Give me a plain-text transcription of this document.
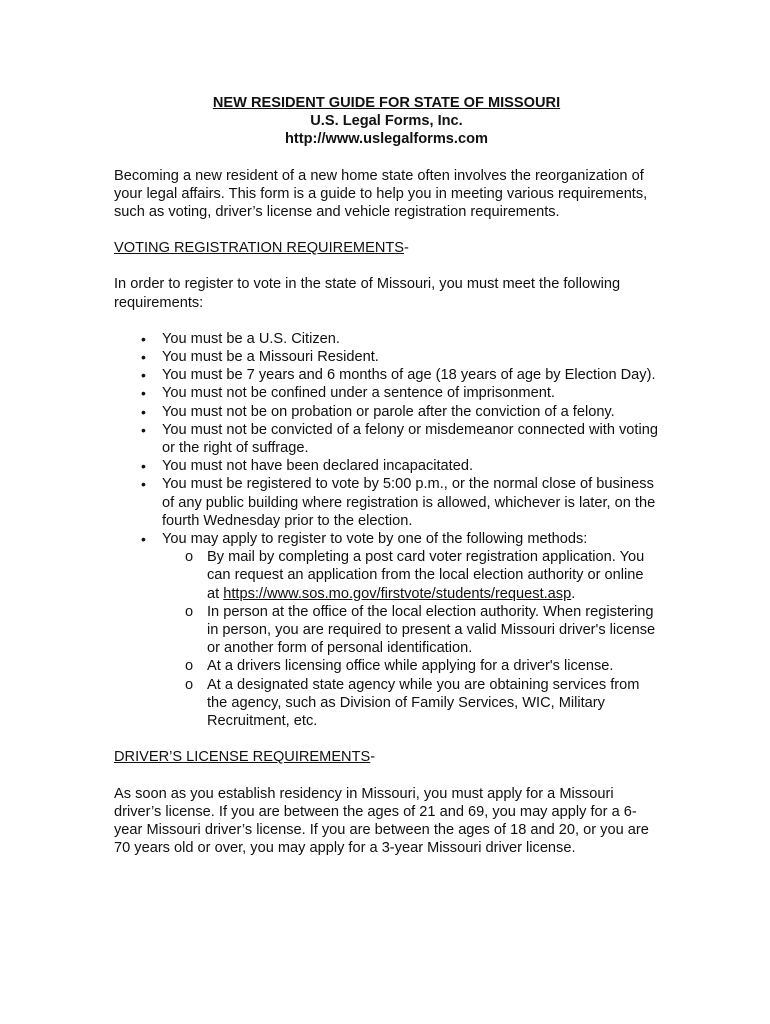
NEW RESIDENT GUIDE FOR STATE OF MISSOURI
U.S. Legal Forms, Inc.
http://www.uslegalforms.com

Becoming a new resident of a new home state often involves the reorganization of your legal affairs. This form is a guide to help you in meeting various requirements, such as voting, driver’s license and vehicle registration requirements.

VOTING REGISTRATION REQUIREMENTS-

In order to register to vote in the state of Missouri, you must meet the following requirements:

•	You must be a U.S. Citizen.
•	You must be a Missouri Resident.
•	You must be 7 years and 6 months of age (18 years of age by Election Day).
•	You must not be confined under a sentence of imprisonment.
•	You must not be on probation or parole after the conviction of a felony.
•	You must not be convicted of a felony or misdemeanor connected with voting or the right of suffrage.
•	You must not have been declared incapacitated.
•	You must be registered to vote by 5:00 p.m., or the normal close of business of any public building where registration is allowed, whichever is later, on the fourth Wednesday prior to the election.
•	You may apply to register to vote by one of the following methods:
o By mail by completing a post card voter registration application. You can request an application from the local election authority or online at https://www.sos.mo.gov/firstvote/students/request.asp.
o In person at the office of the local election authority. When registering in person, you are required to present a valid Missouri driver's license or another form of personal identification.
o At a drivers licensing office while applying for a driver's license.
o At a designated state agency while you are obtaining services from the agency, such as Division of Family Services, WIC, Military Recruitment, etc.

DRIVER’S LICENSE REQUIREMENTS-

As soon as you establish residency in Missouri, you must apply for a Missouri driver’s license. If you are between the ages of 21 and 69, you may apply for a 6-year Missouri driver’s license. If you are between the ages of 18 and 20, or you are 70 years old or over, you may apply for a 3-year Missouri driver license.
